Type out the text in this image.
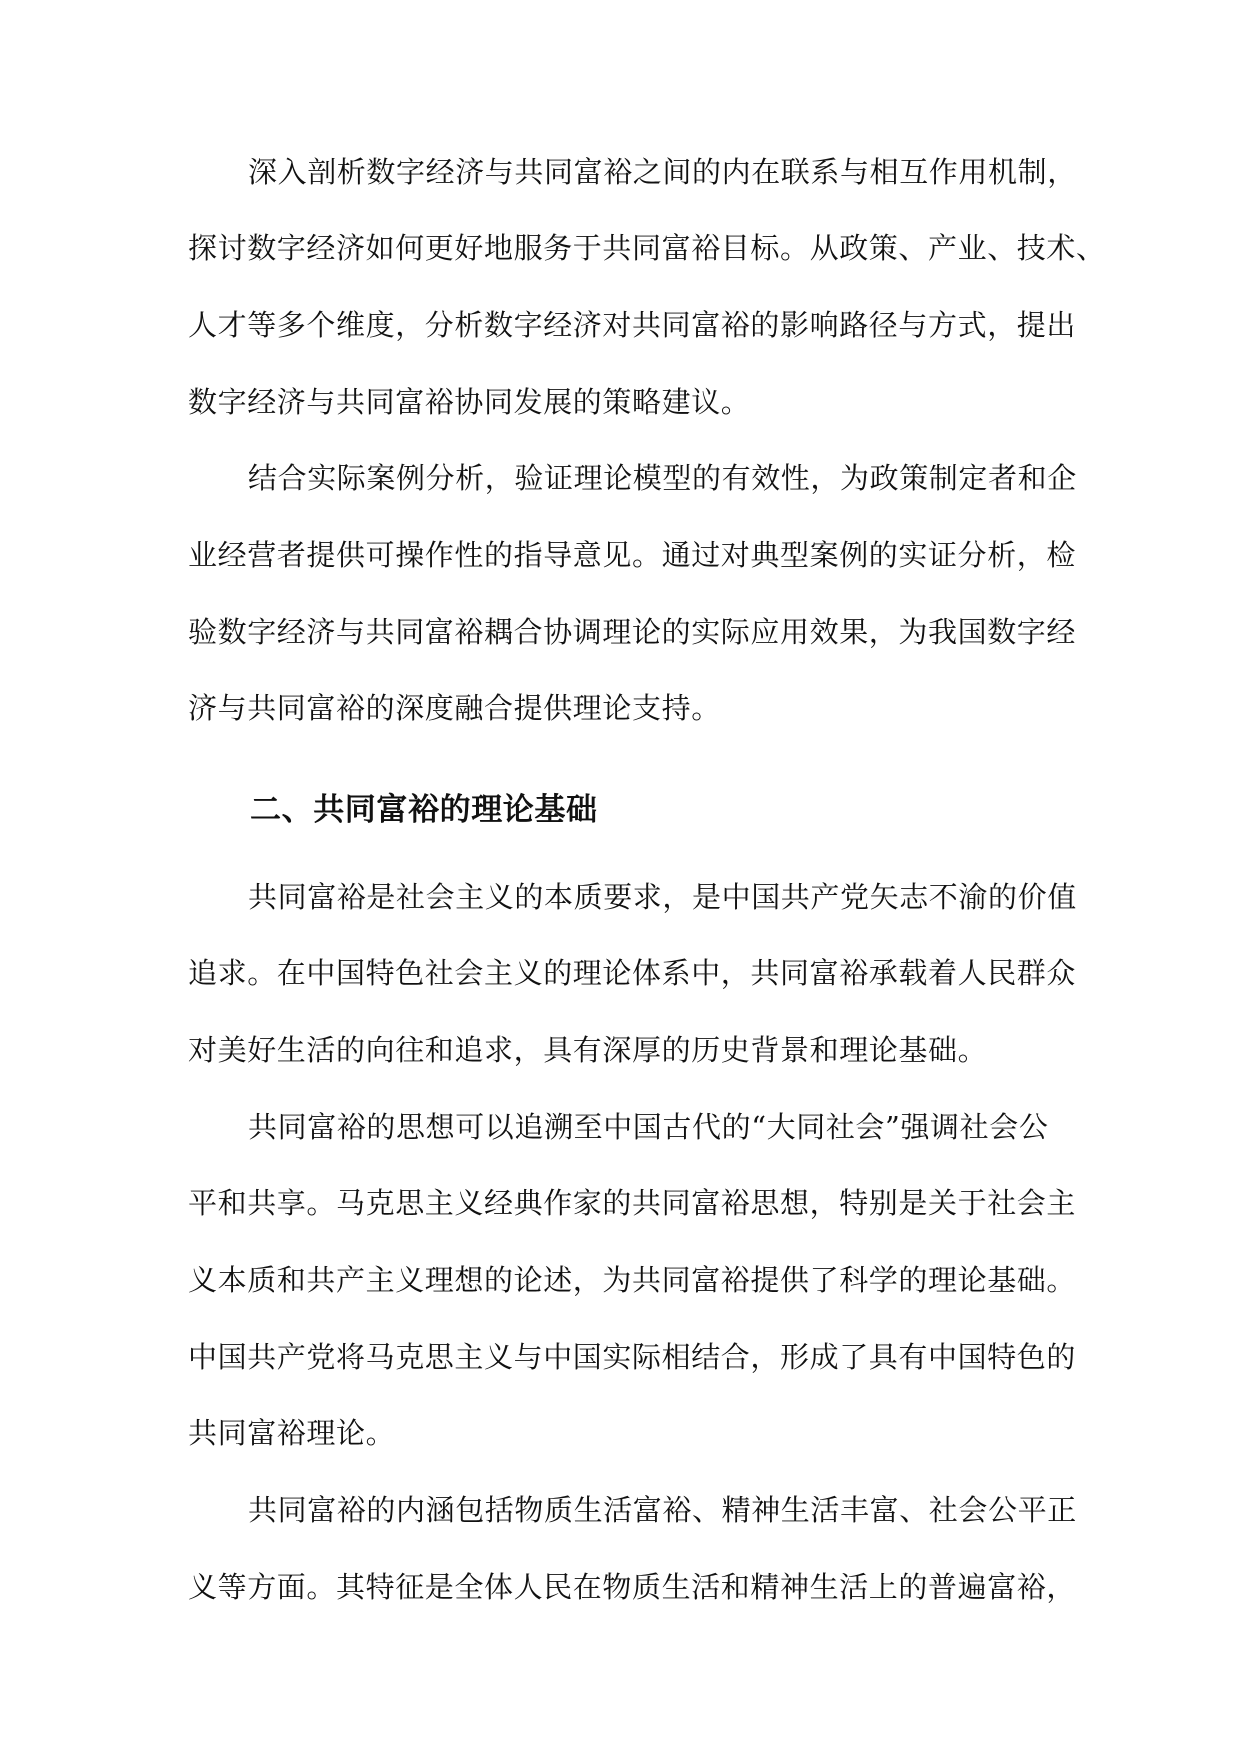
深入剖析数字经济与共同富裕之间的内在联系与相互作用机制，
探讨数字经济如何更好地服务于共同富裕目标。从政策、产业、技术、
人才等多个维度，分析数字经济对共同富裕的影响路径与方式，提出
数字经济与共同富裕协同发展的策略建议。
结合实际案例分析，验证理论模型的有效性，为政策制定者和企
业经营者提供可操作性的指导意见。通过对典型案例的实证分析，检
验数字经济与共同富裕耦合协调理论的实际应用效果，为我国数字经
济与共同富裕的深度融合提供理论支持。
二、共同富裕的理论基础
共同富裕是社会主义的本质要求，是中国共产党矢志不渝的价值
追求。在中国特色社会主义的理论体系中，共同富裕承载着人民群众
对美好生活的向往和追求，具有深厚的历史背景和理论基础。
共同富裕的思想可以追溯至中国古代的“大同社会”强调社会公
平和共享。马克思主义经典作家的共同富裕思想，特别是关于社会主
义本质和共产主义理想的论述，为共同富裕提供了科学的理论基础。
中国共产党将马克思主义与中国实际相结合，形成了具有中国特色的
共同富裕理论。
共同富裕的内涵包括物质生活富裕、精神生活丰富、社会公平正
义等方面。其特征是全体人民在物质生活和精神生活上的普遍富裕，
